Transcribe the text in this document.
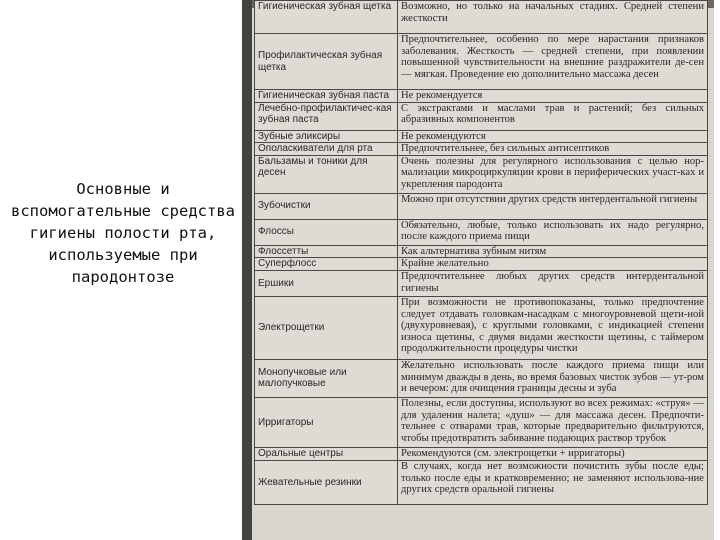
Основные и вспомогательные средства гигиены полости рта, используемые при пародонтозе
Гигиеническая зубная щетка	Возможно, но только на начальных стадиях. Средней степени жесткости
Профилактическая зубная щетка	Предпочтительнее, особенно по мере нарастания признаков заболевания. Жесткость — средней степени, при появлении повышенной чувствительности на внешние раздражители де-сен — мягкая. Проведение ею дополнительно массажа десен
Гигиеническая зубная паста	Не рекомендуется
Лечебно-профилактичес-кая зубная паста	С экстрактами и маслами трав и растений; без сильных абразивных компонентов
Зубные эликсиры	Не рекомендуются
Ополаскиватели для рта	Предпочтительнее, без сильных антисептиков
Бальзамы и тоники для десен	Очень полезны для регулярного использования с целью нор-мализации микроциркуляции крови в периферических участ-ках и укрепления пародонта
Зубочистки	Можно при отсутствии других средств интердентальной гигиены
Флоссы	Обязательно, любые, только использовать их надо регулярно, после каждого приема пищи
Флоссетты	Как альтернатива зубным нитям
Суперфлосс	Крайне желательно
Ершики	Предпочтительнее любых других средств интердентальной гигиены
Электрощетки	При возможности не противопоказаны, только предпочтение следует отдавать головкам-насадкам с многоуровневой щети-ной (двухуровневая), с круглыми головками, с индикацией степени износа щетины, с двумя видами жесткости щетины, с таймером продолжительности процедуры чистки
Монопучковые или малопучковые	Желательно использовать после каждого приема пищи или минимум дважды в день, во время базовых чисток зубов — ут-ром и вечером: для очищения границы десны и зуба
Ирригаторы	Полезны, если доступны, используют во всех режимах: «струя» — для удаления налета; «душ» — для массажа десен. Предпочти-тельнее с отварами трав, которые предварительно фильтруются, чтобы предотвратить забивание подающих раствор трубок
Оральные центры	Рекомендуются (см. электрощетки + ирригаторы)
Жевательные резинки	В случаях, когда нет возможности почистить зубы после еды; только после еды и кратковременно; не заменяют использова-ние других средств оральной гигиены
